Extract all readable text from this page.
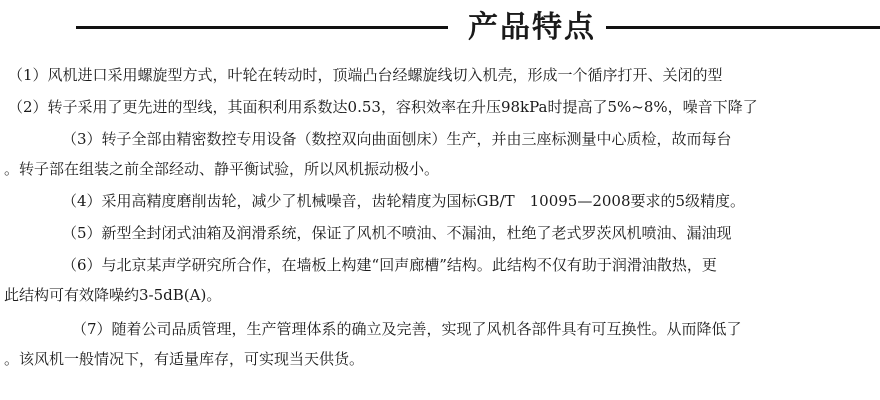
产品特点
（1）风机进口采用螺旋型方式，叶轮在转动时，顶端凸台经螺旋线切入机壳，形成一个循序打开、关闭的型
（2）转子采用了更先进的型线，其面积利用系数达0.53，容积效率在升压98kPa时提高了5%~8%，噪音下降了
（3）转子全部由精密数控专用设备（数控双向曲面刨床）生产，并由三座标测量中心质检，故而每台
。转子部在组装之前全部经动、静平衡试验，所以风机振动极小。
（4）采用高精度磨削齿轮，减少了机械噪音，齿轮精度为国标GB/T　10095—2008要求的5级精度。
（5）新型全封闭式油箱及润滑系统，保证了风机不喷油、不漏油，杜绝了老式罗茨风机喷油、漏油现
（6）与北京某声学研究所合作，在墙板上构建“回声廊槽”结构。此结构不仅有助于润滑油散热，更
此结构可有效降噪约3-5dB(A)。
（7）随着公司品质管理，生产管理体系的确立及完善，实现了风机各部件具有可互换性。从而降低了
。该风机一般情况下，有适量库存，可实现当天供货。
